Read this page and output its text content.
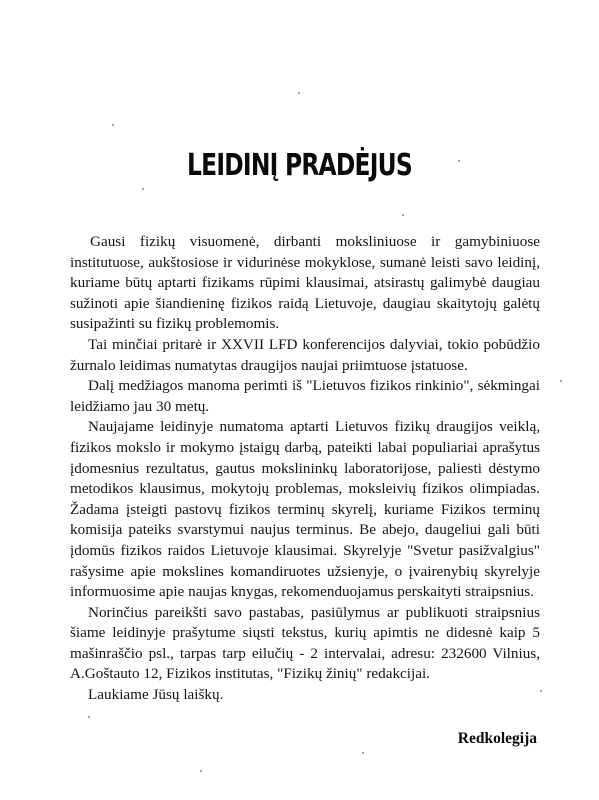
LEIDINĮ PRADĖJUS

Gausi fizikų visuomenė, dirbanti moksliniuose ir gamybiniuose institutuose, aukštosiose ir vidurinėse mokyklose, sumanė leisti savo leidinį, kuriame būtų aptarti fizikams rūpimi klausimai, atsirastų galimybė daugiau sužinoti apie šiandieninę fizikos raidą Lietuvoje, daugiau skaitytojų galėtų susipažinti su fizikų problemomis.

Tai minčiai pritarė ir XXVII LFD konferencijos dalyviai, tokio pobūdžio žurnalo leidimas numatytas draugijos naujai priimtuose įstatuose.

Dalį medžiagos manoma perimti iš "Lietuvos fizikos rinkinio", sėkmingai leidžiamo jau 30 metų.

Naujajame leidinyje numatoma aptarti Lietuvos fizikų draugijos veiklą, fizikos mokslo ir mokymo įstaigų darbą, pateikti labai populiariai aprašytus įdomesnius rezultatus, gautus mokslininkų laboratorijose, paliesti dėstymo metodikos klausimus, mokytojų problemas, moksleivių fizikos olimpiadas. Žadama įsteigti pastovų fizikos terminų skyrelį, kuriame Fizikos terminų komisija pateiks svarstymui naujus terminus. Be abejo, daugeliui gali būti įdomūs fizikos raidos Lietuvoje klausimai. Skyrelyje "Svetur pasižvalgius" rašysime apie mokslines komandiruotes užsienyje, o įvairenybių skyrelyje informuosime apie naujas knygas, rekomenduojamus perskaityti straipsnius.

Norinčius pareikšti savo pastabas, pasiūlymus ar publikuoti straipsnius šiame leidinyje prašytume siųsti tekstus, kurių apimtis ne didesnė kaip 5 mašinraščio psl., tarpas tarp eilučių - 2 intervalai, adresu: 232600 Vilnius, A.Goštauto 12, Fizikos institutas, "Fizikų žinių" redakcijai.

Laukiame Jūsų laiškų.

Redkolegija
